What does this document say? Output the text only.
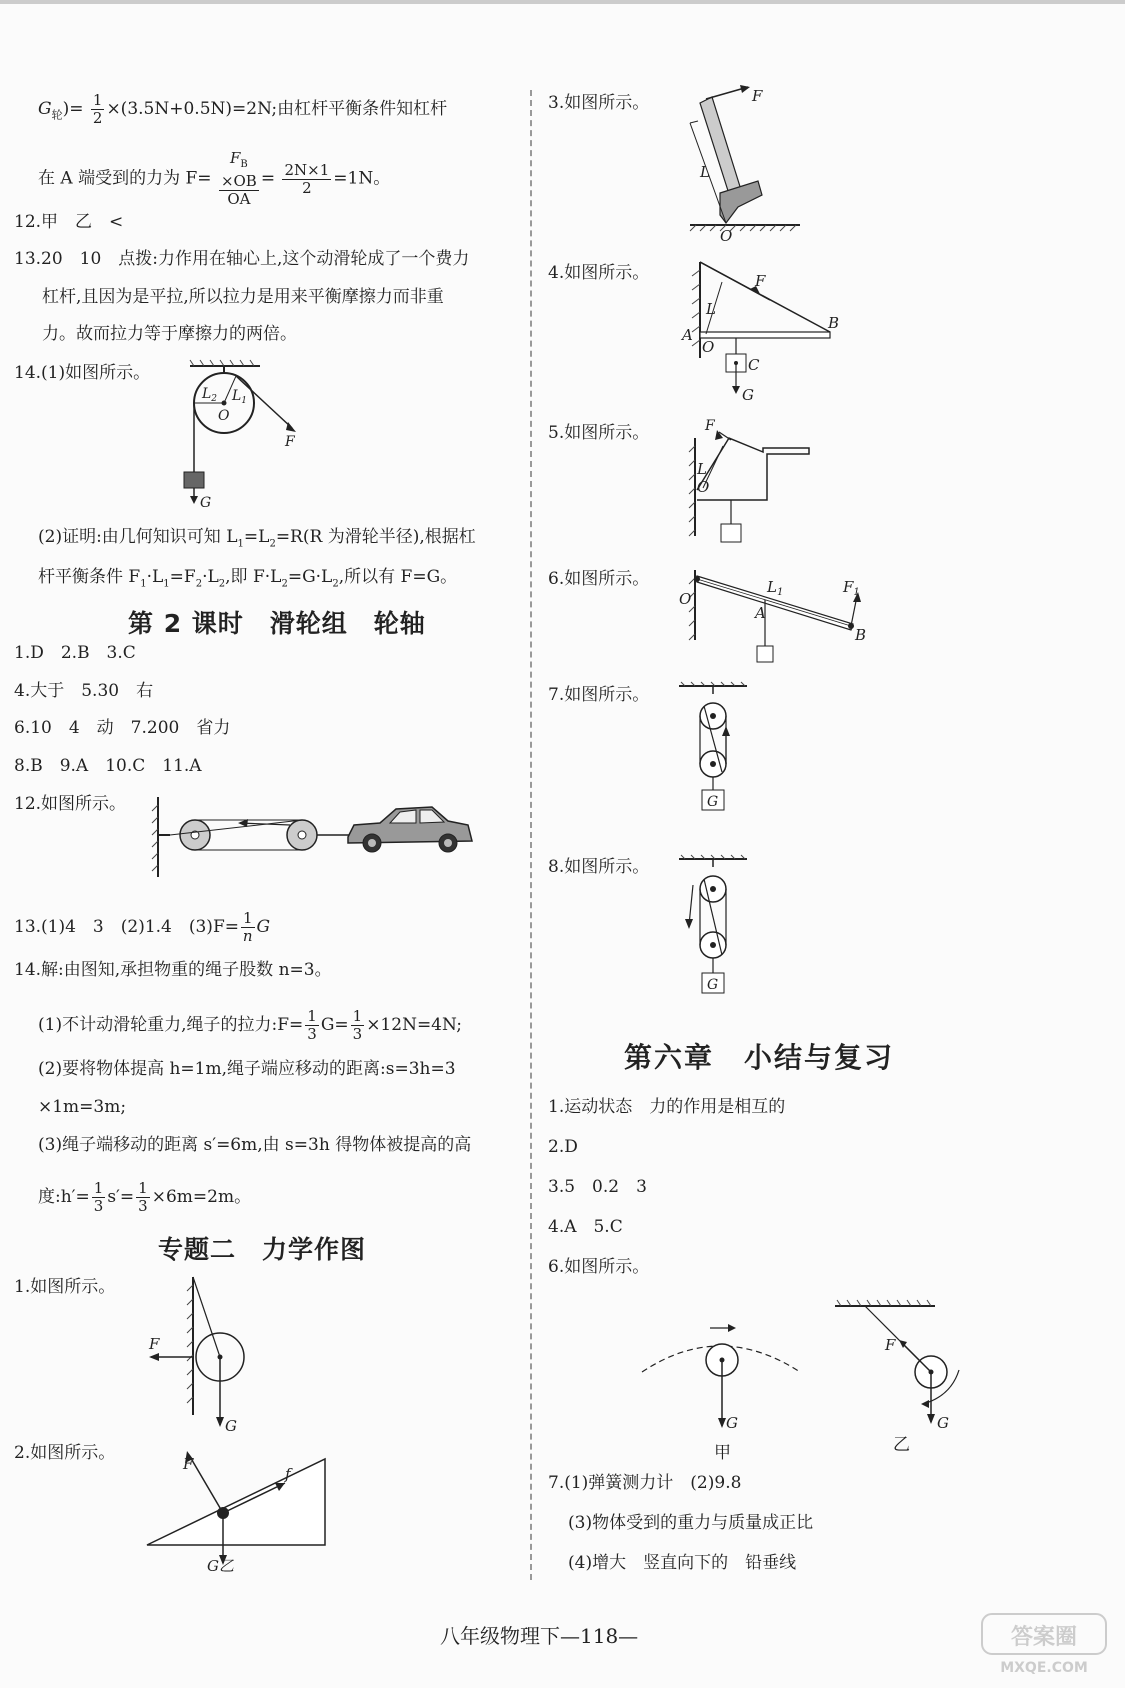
$G_轮)= \frac{1}{2} \times(3.5N+0.5N)=2N$;由杠杆平衡条件知杠杆
在 A 端受到的力为 $F= F_B$
×OB
OA = $\frac{2N\times 1}{2} =1N$。
12.甲　乙　<
13.20　10　点拨:力作用在轴心上,这个动滑轮成了一个费力
杠杆,且因为是平拉,所以拉力是用来平衡摩擦力而非重
力。故而拉力等于摩擦力的两倍。
14.(1)如图所示。
$L_2$ $L_1$
O
F
G
(2)证明:由几何知识可知 $L_1=L_2=R(R$ 为滑轮半径),根据杠
杆平衡条件 $F_1\cdot L_1=F_2\cdot L_2$,即 $F\cdot L_2=G\cdot L_2$,所以有 F=G。
第 2 课时　滑轮组　轮轴
1.D　2.B　3.C
4.大于　5.30　右
6.10　4　动　7.200　省力
8.B　9.A　10.C　11.A
12.如图所示。
13.(1)4　3　(2)1.4　$(3)F= \frac{1}{n}$ G
14.解:由图知,承担物重的绳子股数 n=3。
(1)不计动滑轮重力,绳子的拉力:F= $\frac{1}{3} G= \frac{1}{3} \times 12N=4N$;
(2)要将物体提高 h=1m,绳子端应移动的距离:s=3h=3
×1m=3m;
(3)绳子端移动的距离 s′=6m,由 s=3h 得物体被提高的高
度:h′= $\frac{1}{3} s'= \frac{1}{3} \times 6m=2m$。
专题二　力学作图
1.如图所示。
F
G
2.如图所示。
F
f
G乙
3.如图所示。	F
L
O
4.如图所示。	F
B
L
A
O
C
G
5.如图所示。	F
L
O
6.如图所示。	$L_1$	$F_1$
A
O
B
7.如图所示。
G
8.如图所示。
G
第六章　小结与复习
1.运动状态　力的作用是相互的
2.D
3.5　0.2　3
4.A　5.C
6.如图所示。
G
甲
F
G
乙
7.(1)弹簧测力计　(2)9.8
(3)物体受到的重力与质量成正比
(4)增大　竖直向下的　铅垂线
八年级物理下—118—	答案圈
MXQE.COM
